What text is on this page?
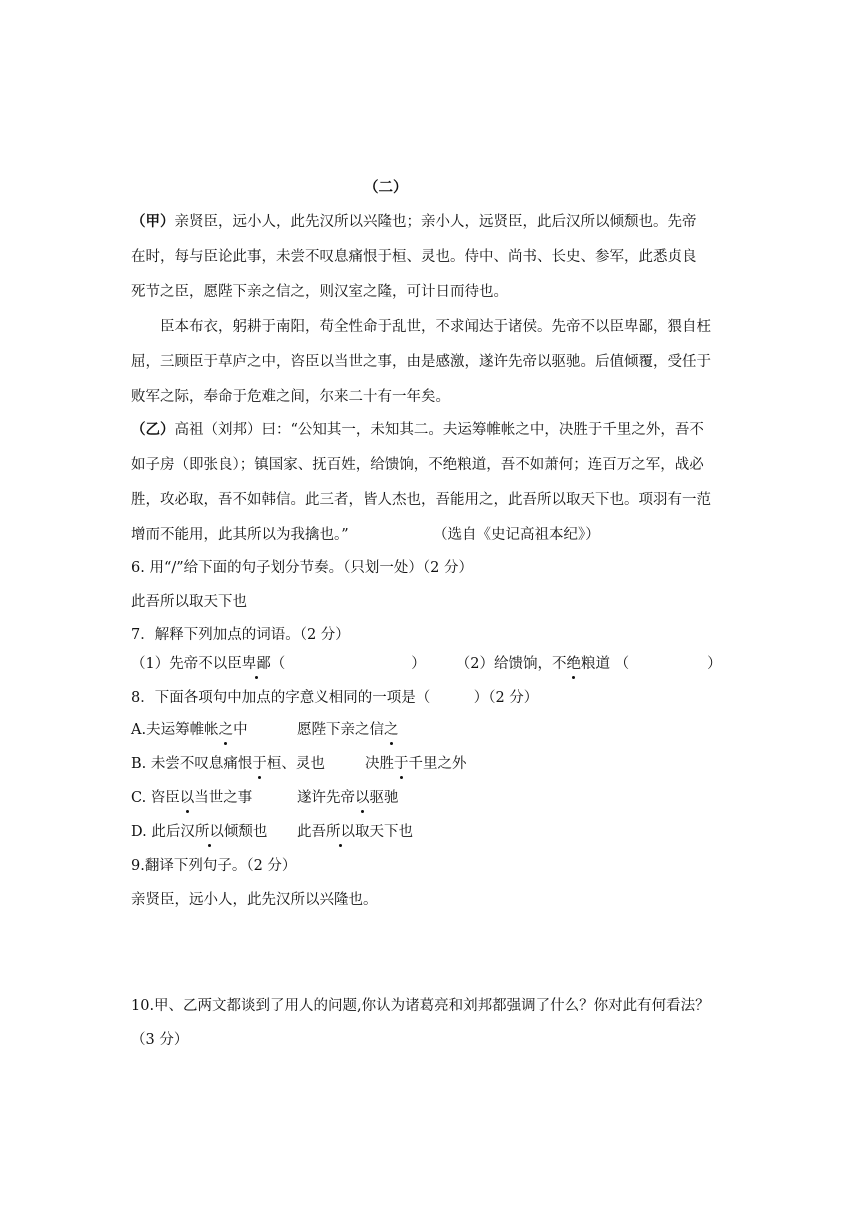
（二）
（甲）亲贤臣，远小人，此先汉所以兴隆也；亲小人，远贤臣，此后汉所以倾颓也。先帝
在时，每与臣论此事，未尝不叹息痛恨于桓、灵也。侍中、尚书、长史、参军，此悉贞良
死节之臣，愿陛下亲之信之，则汉室之隆，可计日而待也。
臣本布衣，躬耕于南阳，苟全性命于乱世，不求闻达于诸侯。先帝不以臣卑鄙，猥自枉
屈，三顾臣于草庐之中，咨臣以当世之事，由是感激，遂许先帝以驱驰。后值倾覆，受任于
败军之际，奉命于危难之间，尔来二十有一年矣。
（乙）高祖（刘邦）曰：“公知其一，未知其二。夫运筹帷帐之中，决胜于千里之外，吾不
如子房（即张良）；镇国家、抚百姓，给馈饷，不绝粮道，吾不如萧何；连百万之军，战必
胜，攻必取，吾不如韩信。此三者，皆人杰也，吾能用之，此吾所以取天下也。项羽有一范
增而不能用，此其所以为我擒也。”	（选自《史记高祖本纪》）
6. 用“/”给下面的句子划分节奏。（只划一处）（2 分）
此吾所以取天下也
7．解释下列加点的词语。（2 分）
（1）先帝不以臣卑鄙（	） （2）给馈饷，不绝粮道 （	）
8．下面各项句中加点的字意义相同的一项是（　　　）（2 分）
A.夫运筹帷帐之中	愿陛下亲之信之
B. 未尝不叹息痛恨于桓、灵也	决胜于千里之外
C. 咨臣以当世之事	遂许先帝以驱驰
D. 此后汉所以倾颓也 此吾所以取天下也
9.翻译下列句子。（2 分）
亲贤臣，远小人，此先汉所以兴隆也。
10.甲、乙两文都谈到了用人的问题,你认为诸葛亮和刘邦都强调了什么？你对此有何看法？
（3 分）
